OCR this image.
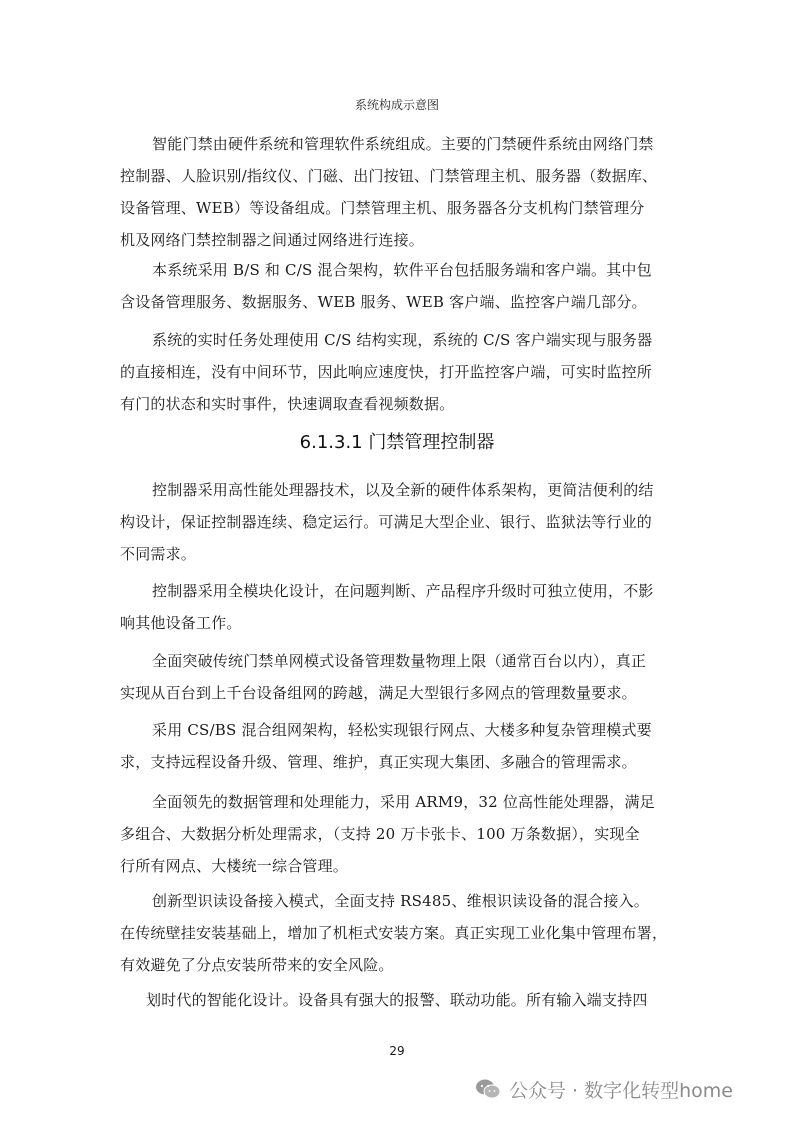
系统构成示意图
智能门禁由硬件系统和管理软件系统组成。主要的门禁硬件系统由网络门禁
控制器、人脸识别/指纹仪、门磁、出门按钮、门禁管理主机、服务器（数据库、
设备管理、WEB）等设备组成。门禁管理主机、服务器各分支机构门禁管理分
机及网络门禁控制器之间通过网络进行连接。
本系统采用 B/S 和 C/S 混合架构，软件平台包括服务端和客户端。其中包
含设备管理服务、数据服务、WEB 服务、WEB 客户端、监控客户端几部分。
系统的实时任务处理使用 C/S 结构实现，系统的 C/S 客户端实现与服务器
的直接相连，没有中间环节，因此响应速度快，打开监控客户端，可实时监控所
有门的状态和实时事件，快速调取查看视频数据。
6.1.3.1 门禁管理控制器
控制器采用高性能处理器技术，以及全新的硬件体系架构，更简洁便利的结
构设计，保证控制器连续、稳定运行。可满足大型企业、银行、监狱法等行业的
不同需求。
控制器采用全模块化设计，在问题判断、产品程序升级时可独立使用，不影
响其他设备工作。
全面突破传统门禁单网模式设备管理数量物理上限（通常百台以内），真正
实现从百台到上千台设备组网的跨越，满足大型银行多网点的管理数量要求。
采用 CS/BS 混合组网架构，轻松实现银行网点、大楼多种复杂管理模式要
求，支持远程设备升级、管理、维护，真正实现大集团、多融合的管理需求。
全面领先的数据管理和处理能力，采用 ARM9，32 位高性能处理器，满足
多组合、大数据分析处理需求，（支持 20 万卡张卡、100 万条数据），实现全
行所有网点、大楼统一综合管理。
创新型识读设备接入模式，全面支持 RS485、维根识读设备的混合接入。
在传统壁挂安装基础上，增加了机柜式安装方案。真正实现工业化集中管理布署，
有效避免了分点安装所带来的安全风险。
划时代的智能化设计。设备具有强大的报警、联动功能。所有输入端支持四
29
公众号 · 数字化转型home
